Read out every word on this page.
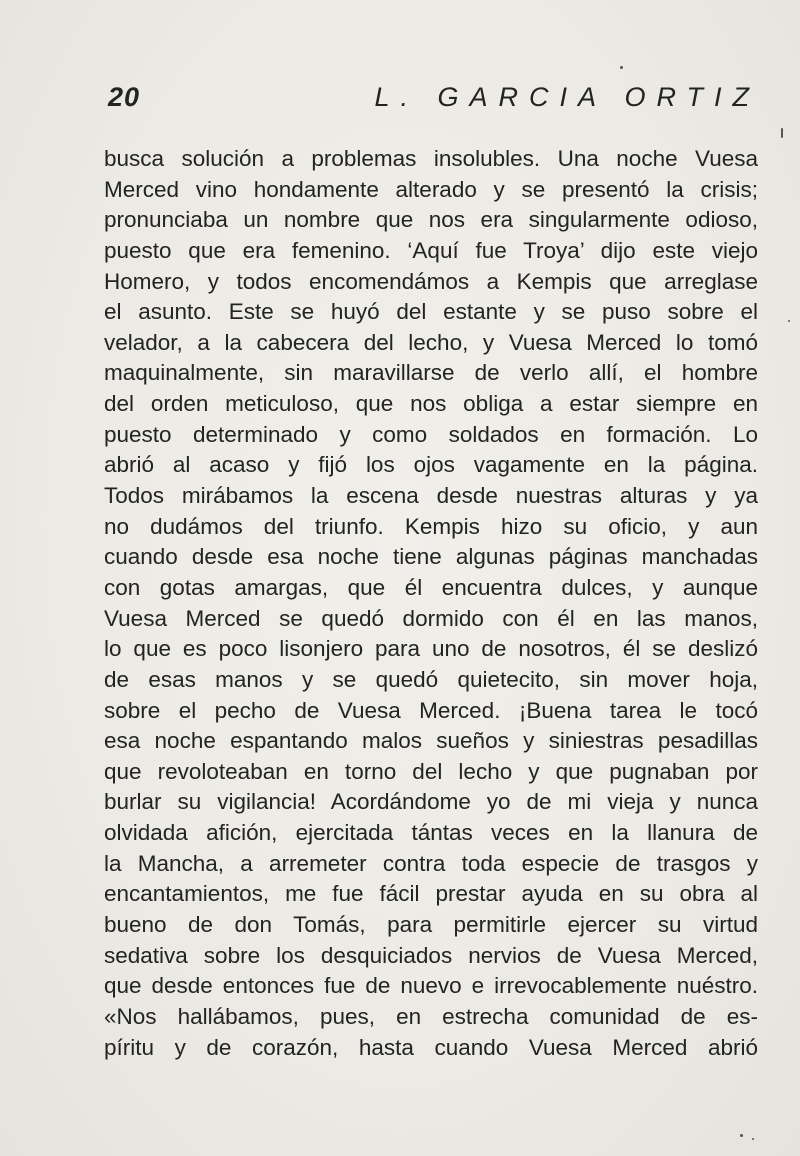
20	L. GARCIA ORTIZ
busca solución a problemas insolubles. Una noche Vuesa
Merced vino hondamente alterado y se presentó la crisis;
pronunciaba un nombre que nos era singularmente odioso,
puesto que era femenino. ‘Aquí fue Troya’ dijo este viejo
Homero, y todos encomendámos a Kempis que arreglase
el asunto. Este se huyó del estante y se puso sobre el
velador, a la cabecera del lecho, y Vuesa Merced lo tomó
maquinalmente, sin maravillarse de verlo allí, el hombre
del orden meticuloso, que nos obliga a estar siempre en
puesto determinado y como soldados en formación. Lo
abrió al acaso y fijó los ojos vagamente en la página.
Todos mirábamos la escena desde nuestras alturas y ya
no dudámos del triunfo. Kempis hizo su oficio, y aun
cuando desde esa noche tiene algunas páginas manchadas
con gotas amargas, que él encuentra dulces, y aunque
Vuesa Merced se quedó dormido con él en las manos,
lo que es poco lisonjero para uno de nosotros, él se deslizó
de esas manos y se quedó quietecito, sin mover hoja,
sobre el pecho de Vuesa Merced. ¡Buena tarea le tocó
esa noche espantando malos sueños y siniestras pesadillas
que revoloteaban en torno del lecho y que pugnaban por
burlar su vigilancia! Acordándome yo de mi vieja y nunca
olvidada afición, ejercitada tántas veces en la llanura de
la Mancha, a arremeter contra toda especie de trasgos y
encantamientos, me fue fácil prestar ayuda en su obra al
bueno de don Tomás, para permitirle ejercer su virtud
sedativa sobre los desquiciados nervios de Vuesa Merced,
que desde entonces fue de nuevo e irrevocablemente nuéstro.
«Nos hallábamos, pues, en estrecha comunidad de es-
píritu y de corazón, hasta cuando Vuesa Merced abrió
